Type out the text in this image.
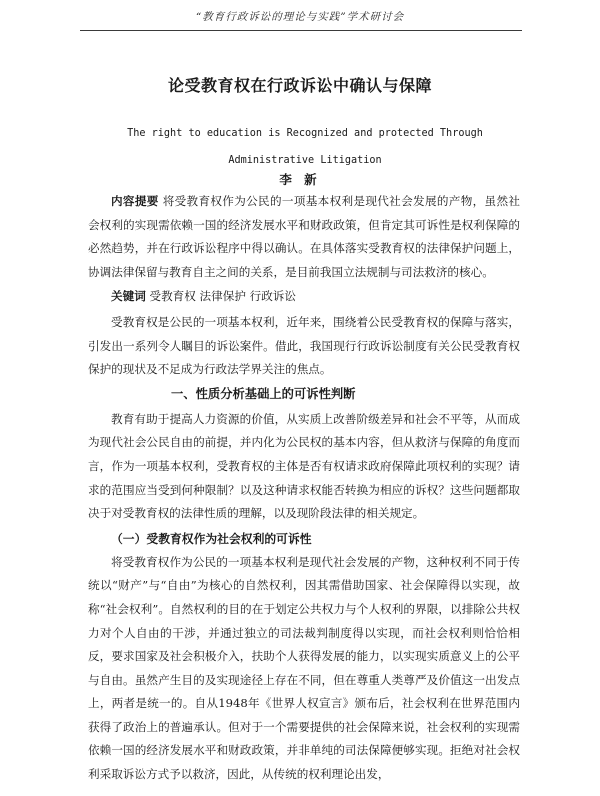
“教育行政诉讼的理论与实践”学术研讨会
论受教育权在行政诉讼中确认与保障
The right to education is Recognized and protected Through Administrative Litigation
李 新

内容提要 将受教育权作为公民的一项基本权利是现代社会发展的产物，虽然社会权利的实现需依赖一国的经济发展水平和财政政策，但肯定其可诉性是权利保障的必然趋势，并在行政诉讼程序中得以确认。在具体落实受教育权的法律保护问题上，协调法律保留与教育自主之间的关系，是目前我国立法规制与司法救济的核心。

关键词 受教育权 法律保护 行政诉讼

受教育权是公民的一项基本权利，近年来，围绕着公民受教育权的保障与落实，引发出一系列令人瞩目的诉讼案件。借此，我国现行行政诉讼制度有关公民受教育权保护的现状及不足成为行政法学界关注的焦点。

一、性质分析基础上的可诉性判断

教育有助于提高人力资源的价值，从实质上改善阶级差异和社会不平等，从而成为现代社会公民自由的前提，并内化为公民权的基本内容，但从救济与保障的角度而言，作为一项基本权利，受教育权的主体是否有权请求政府保障此项权利的实现？请求的范围应当受到何种限制？以及这种请求权能否转换为相应的诉权？这些问题都取决于对受教育权的法律性质的理解，以及现阶段法律的相关规定。

（一）受教育权作为社会权利的可诉性

将受教育权作为公民的一项基本权利是现代社会发展的产物，这种权利不同于传统以“财产”与“自由”为核心的自然权利，因其需借助国家、社会保障得以实现，故称“社会权利”。自然权利的目的在于划定公共权力与个人权利的界限，以排除公共权力对个人自由的干涉，并通过独立的司法裁判制度得以实现，而社会权利则恰恰相反，要求国家及社会积极介入，扶助个人获得发展的能力，以实现实质意义上的公平与自由。虽然产生目的及实现途径上存在不同，但在尊重人类尊严及价值这一出发点上，两者是统一的。自从1948年《世界人权宣言》颁布后，社会权利在世界范围内获得了政治上的普遍承认。但对于一个需要提供的社会保障来说，社会权利的实现需依赖一国的经济发展水平和财政政策，并非单纯的司法保障便够实现。拒绝对社会权利采取诉讼方式予以救济，因此，从传统的权利理论出发，
